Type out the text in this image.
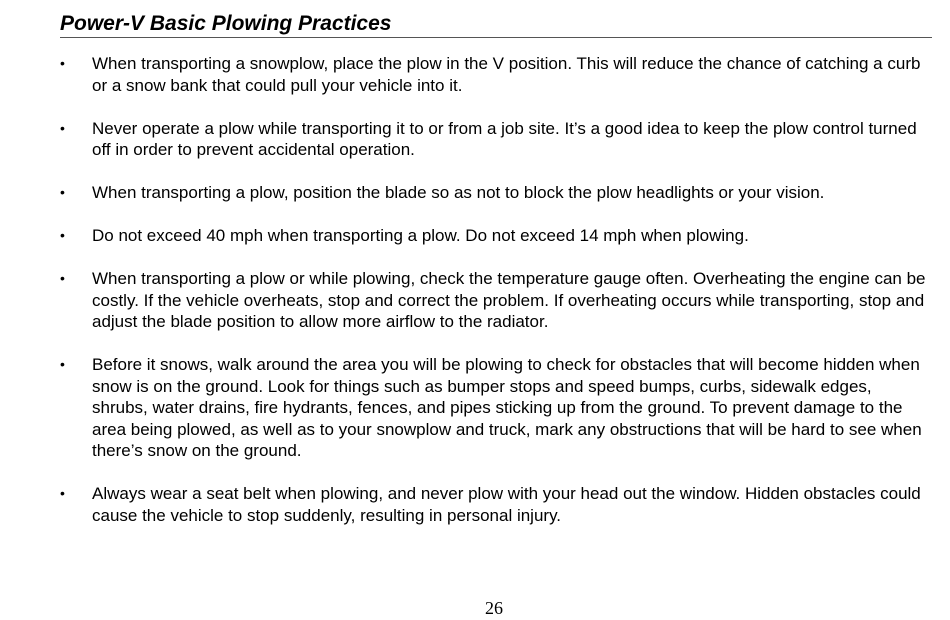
Power-V Basic Plowing Practices
• When transporting a snowplow, place the plow in the V position. This will reduce the chance of catching a curb or a snow bank that could pull your vehicle into it.
• Never operate a plow while transporting it to or from a job site. It’s a good idea to keep the plow control turned off in order to prevent accidental operation.
• When transporting a plow, position the blade so as not to block the plow headlights or your vision.
• Do not exceed 40 mph when transporting a plow. Do not exceed 14 mph when plowing.
• When transporting a plow or while plowing, check the temperature gauge often. Overheating the engine can be costly. If the vehicle overheats, stop and correct the problem. If overheating occurs while transporting, stop and adjust the blade position to allow more airflow to the radiator.
• Before it snows, walk around the area you will be plowing to check for obstacles that will become hidden when snow is on the ground. Look for things such as bumper stops and speed bumps, curbs, sidewalk edges, shrubs, water drains, fire hydrants, fences, and pipes sticking up from the ground. To prevent damage to the area being plowed, as well as to your snowplow and truck, mark any obstructions that will be hard to see when there’s snow on the ground.
• Always wear a seat belt when plowing, and never plow with your head out the window. Hidden obstacles could cause the vehicle to stop suddenly, resulting in personal injury.
26
